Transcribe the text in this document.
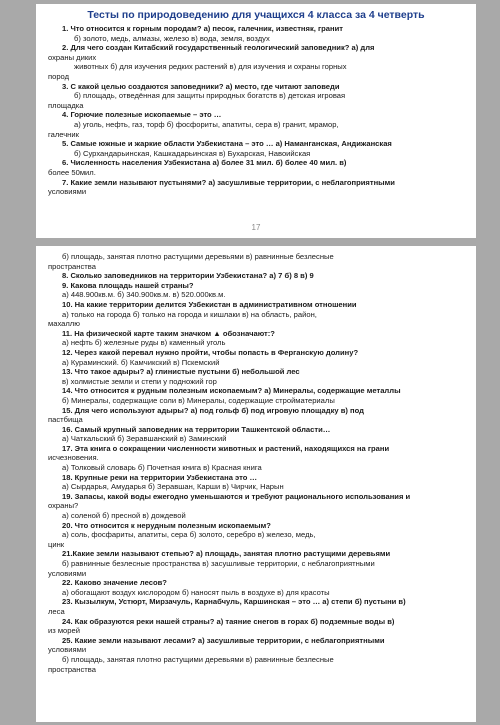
Тесты по природоведению для учащихся 4 класса за 4 четверть
1. Что относится к горным породам? а) песок, галечник, известняк, гранит
б) золото, медь, алмазы, железо в) вода, земля, воздух
2. Для чего создан Китабский государственный геологический заповедник? а) для
охраны диких
животных б) для изучения редких растений в) для изучения и охраны горных
пород
3. С какой целью создаются заповедники? а) место, где читают заповеди
б) площадь, отведённая для защиты природных богатств в) детская игровая
площадка
4. Горючие полезные ископаемые – это …
а) уголь, нефть, газ, торф б) фосфориты, апатиты, сера в) гранит, мрамор,
галечник
5. Самые южные и жаркие области Узбекистана – это … а) Наманганская, Андижанская
б) Сурхандарьинская, Кашкадарьинская в) Бухарская, Навоийская
6. Численность населения Узбекистана а) более 31 мил. б) более 40 мил. в)
более 50мил.
7. Какие земли называют пустынями? а) засушливые территории, с неблагоприятными
условиями
17
б) площадь, занятая плотно растущими деревьями в) равнинные безлесные
пространства
8. Сколько заповедников на территории Узбекистана? а) 7 б) 8 в) 9
9. Какова площадь нашей страны?
а) 448.900кв.м. б) 340.900кв.м. в) 520.000кв.м.
10. На какие территории делится Узбекистан в административном отношении
а) только на города б) только на города и кишлаки в) на область, район,
махаллю
11. На физической карте таким значком ▲ обозначают:?
а) нефть б) железные руды в) каменный уголь
12. Через какой перевал нужно пройти, чтобы попасть в Ферганскую долину?
а) Кураминский. б) Камчикский в) Пскемский
13. Что такое адыры? а) глинистые пустыни б) небольшой лес
в) холмистые земли и степи у подножий гор
14. Что относится к рудным полезным ископаемым? а) Минералы, содержащие металлы
б) Минералы, содержащие соли в) Минералы, содержащие стройматериалы
15. Для чего используют адыры? а) под гольф б) под игровую площадку в) под
пастбища
16. Самый крупный заповедник на территории Ташкентской области…
а) Чаткальский б) Зеравшанский в) Заминский
17. Эта книга о сокращении численности животных и растений, находящихся на грани
исчезновения.
а) Толковый словарь б) Почетная книга в) Красная книга
18. Крупные реки на территории Узбекистана это …
а) Сырдарья, Амударья б) Зеравшан, Карши в) Чирчик, Нарын
19. Запасы, какой воды ежегодно уменьшаются и требуют рационального использования и
охраны?
а) соленой б) пресной в) дождевой
20. Что относится к нерудным полезным ископаемым?
а) соль, фосфариты, апатиты, сера б) золото, серебро в) железо, медь,
цинк
21.Какие земли называют степью? а) площадь, занятая плотно растущими деревьями
б) равнинные безлесные пространства в) засушливые территории, с неблагоприятными
условиями
22. Каково значение лесов?
а) обогащают воздух кислородом б) наносят пыль в воздухе в) для красоты
23. Кызылкум, Устюрт, Мирзачуль, Карнабчуль, Каршинская – это … а) степи б) пустыни в)
леса
24. Как образуются реки нашей страны? а) таяние снегов в горах б) подземные воды в)
из морей
25. Какие земли называют лесами? а) засушливые территории, с неблагоприятными
условиями
б) площадь, занятая плотно растущими деревьями в) равнинные безлесные
пространства
